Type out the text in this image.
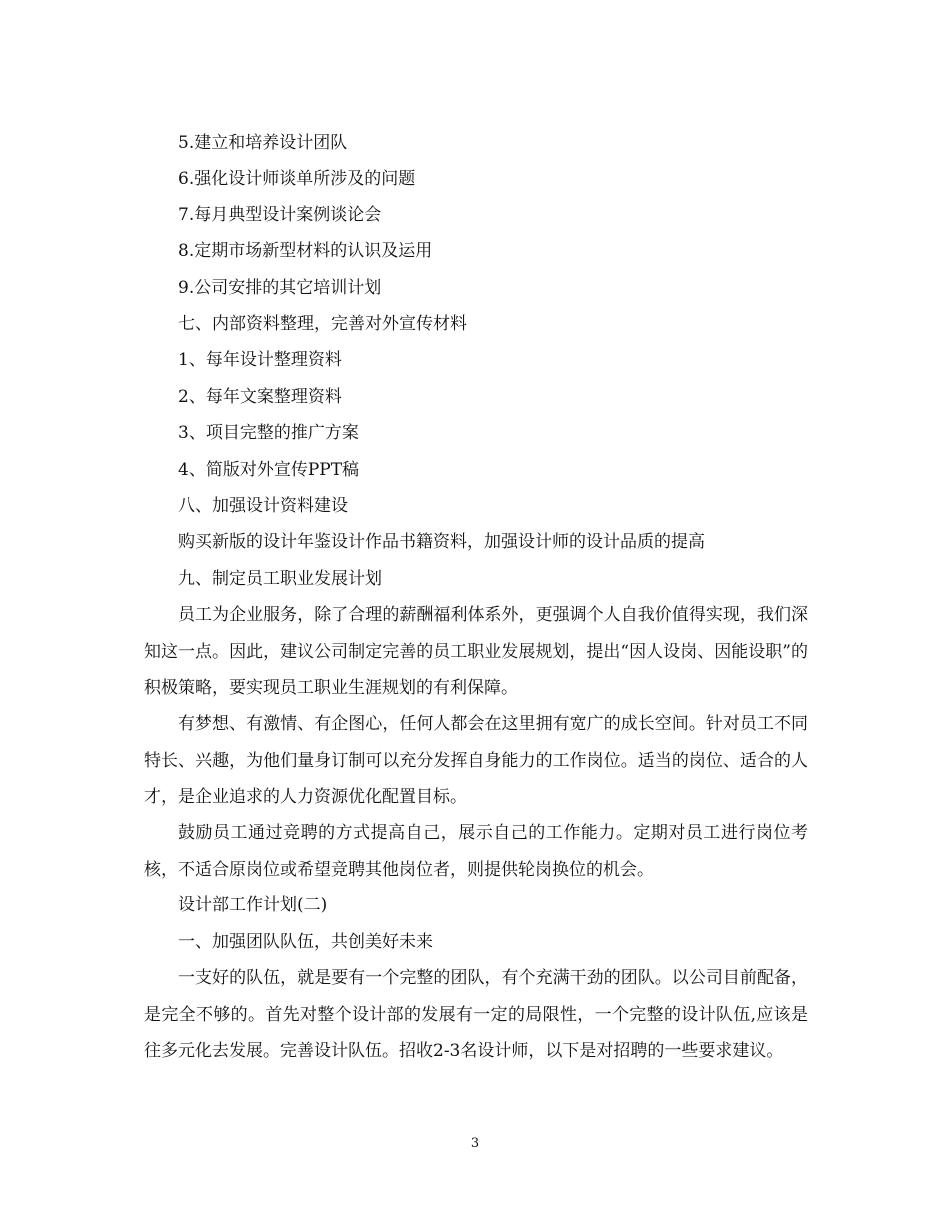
5.建立和培养设计团队
6.强化设计师谈单所涉及的问题
7.每月典型设计案例谈论会
8.定期市场新型材料的认识及运用
9.公司安排的其它培训计划
七、内部资料整理，完善对外宣传材料
1、每年设计整理资料
2、每年文案整理资料
3、项目完整的推广方案
4、简版对外宣传PPT稿
八、加强设计资料建设
购买新版的设计年鉴设计作品书籍资料，加强设计师的设计品质的提高
九、制定员工职业发展计划

员工为企业服务，除了合理的薪酬福利体系外，更强调个人自我价值得实现，我们深知这一点。因此，建议公司制定完善的员工职业发展规划，提出“因人设岗、因能设职”的积极策略，要实现员工职业生涯规划的有利保障。

有梦想、有激情、有企图心，任何人都会在这里拥有宽广的成长空间。针对员工不同特长、兴趣，为他们量身订制可以充分发挥自身能力的工作岗位。适当的岗位、适合的人才，是企业追求的人力资源优化配置目标。

鼓励员工通过竞聘的方式提高自己，展示自己的工作能力。定期对员工进行岗位考核，不适合原岗位或希望竞聘其他岗位者，则提供轮岗换位的机会。

设计部工作计划(二)
一、加强团队队伍，共创美好未来

一支好的队伍，就是要有一个完整的团队，有个充满干劲的团队。以公司目前配备，是完全不够的。首先对整个设计部的发展有一定的局限性，一个完整的设计队伍,应该是往多元化去发展。完善设计队伍。招收2-3名设计师，以下是对招聘的一些要求建议。

3
